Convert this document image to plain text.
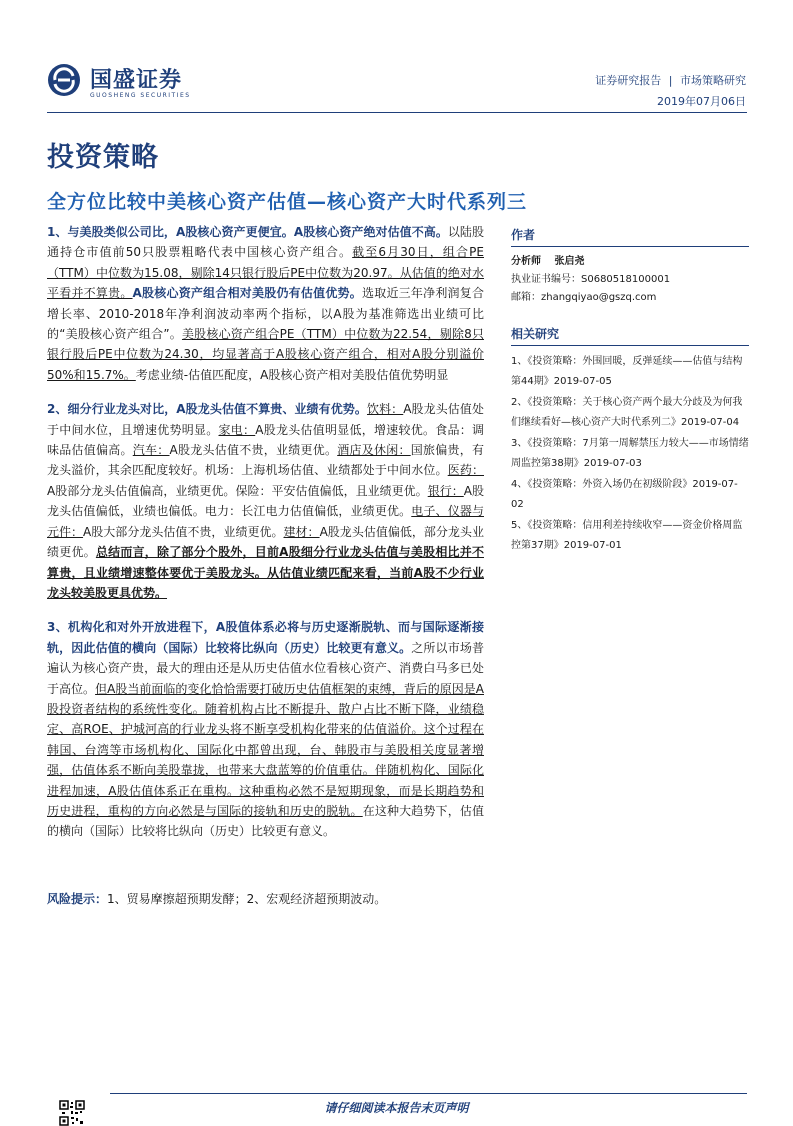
国盛证券
GUOSHENG SECURITIES
证券研究报告 | 市场策略研究
2019年07月06日
投资策略
全方位比较中美核心资产估值—核心资产大时代系列三

1、与美股类似公司比，A股核心资产更便宜。A股核心资产绝对估值不高。以陆股通持仓市值前50只股票粗略代表中国核心资产组合。截至6月30日，组合PE（TTM）中位数为15.08，剔除14只银行股后PE中位数为20.97。从估值的绝对水平看并不算贵。A股核心资产组合相对美股仍有估值优势。选取近三年净利润复合增长率、2010-2018年净利润波动率两个指标，以A股为基准筛选出业绩可比的“美股核心资产组合”。美股核心资产组合PE（TTM）中位数为22.54，剔除8只银行股后PE中位数为24.30，均显著高于A股核心资产组合，相对A股分别溢价50%和15.7%。考虑业绩-估值匹配度，A股核心资产相对美股估值优势明显

2、细分行业龙头对比，A股龙头估值不算贵、业绩有优势。饮料：A股龙头估值处于中间水位，且增速优势明显。家电：A股龙头估值明显低，增速较优。食品：调味品估值偏高。汽车：A股龙头估值不贵，业绩更优。酒店及休闲：国旅偏贵，有龙头溢价，其余匹配度较好。机场：上海机场估值、业绩都处于中间水位。医药：A股部分龙头估值偏高，业绩更优。保险：平安估值偏低，且业绩更优。银行：A股龙头估值偏低，业绩也偏低。电力：长江电力估值偏低，业绩更优。电子、仪器与元件：A股大部分龙头估值不贵，业绩更优。建材：A股龙头估值偏低，部分龙头业绩更优。总结而言，除了部分个股外，目前A股细分行业龙头估值与美股相比并不算贵，且业绩增速整体要优于美股龙头。从估值业绩匹配来看，当前A股不少行业龙头较美股更具优势。

3、机构化和对外开放进程下，A股值体系必将与历史逐渐脱轨、而与国际逐渐接轨，因此估值的横向（国际）比较将比纵向（历史）比较更有意义。之所以市场普遍认为核心资产贵，最大的理由还是从历史估值水位看核心资产、消费白马多已处于高位。但A股当前面临的变化恰恰需要打破历史估值框架的束缚，背后的原因是A股投资者结构的系统性变化。随着机构占比不断提升、散户占比不断下降，业绩稳定、高ROE、护城河高的行业龙头将不断享受机构化带来的估值溢价。这个过程在韩国、台湾等市场机构化、国际化中都曾出现，台、韩股市与美股相关度显著增强，估值体系不断向美股靠拢，也带来大盘蓝筹的价值重估。伴随机构化、国际化进程加速，A股估值体系正在重构。这种重构必然不是短期现象，而是长期趋势和历史进程，重构的方向必然是与国际的接轨和历史的脱轨。在这种大趋势下，估值的横向（国际）比较将比纵向（历史）比较更有意义。

风险提示：1、贸易摩擦超预期发酵；2、宏观经济超预期波动。
作者
分析师 张启尧
执业证书编号：S0680518100001
邮箱：zhangqiyao@gszq.com
相关研究
1、《投资策略：外围回暖，反弹延续——估值与结构第44期》2019-07-05
2、《投资策略：关于核心资产两个最大分歧及为何我们继续看好—核心资产大时代系列二》2019-07-04
3、《投资策略：7月第一周解禁压力较大——市场情绪周监控第38期》2019-07-03
4、《投资策略：外资入场仍在初级阶段》2019-07-02
5、《投资策略：信用利差持续收窄——资金价格周监控第37期》2019-07-01
请仔细阅读本报告末页声明
